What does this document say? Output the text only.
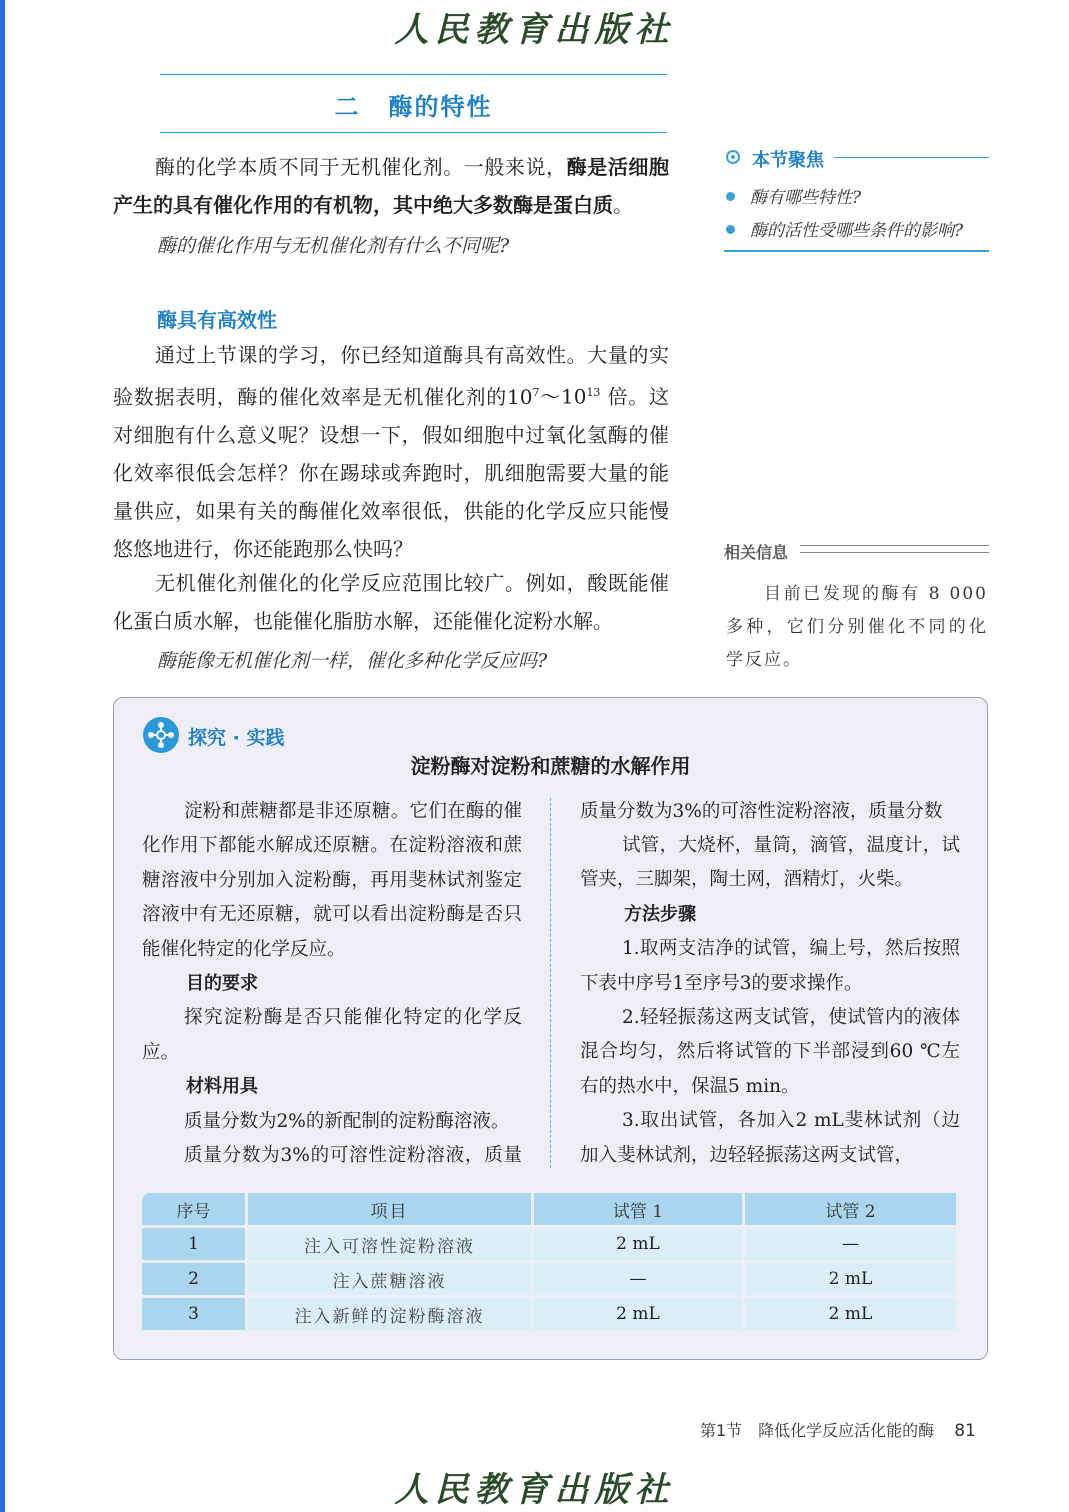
人民教育出版社
二 酶的特性
酶的化学本质不同于无机催化剂。一般来说，酶是活细胞产生的具有催化作用的有机物，其中绝大多数酶是蛋白质。
酶的催化作用与无机催化剂有什么不同呢?
酶具有高效性
通过上节课的学习，你已经知道酶具有高效性。大量的实验数据表明，酶的催化效率是无机催化剂的$10^7\sim 10^{13}$ 倍。这对细胞有什么意义呢？设想一下，假如细胞中过氧化氢酶的催化效率很低会怎样？你在踢球或奔跑时，肌细胞需要大量的能量供应，如果有关的酶催化效率很低，供能的化学反应只能慢悠悠地进行，你还能跑那么快吗？
无机催化剂催化的化学反应范围比较广。例如，酸既能催化蛋白质水解，也能催化脂肪水解，还能催化淀粉水解。
酶能像无机催化剂一样，催化多种化学反应吗?
本节聚焦
酶有哪些特性?
酶的活性受哪些条件的影响?
相关信息
目前已发现的酶有 8 000 多种，它们分别催化不同的化学反应。
探究 · 实践
淀粉酶对淀粉和蔗糖的水解作用
淀粉和蔗糖都是非还原糖。它们在酶的催化作用下都能水解成还原糖。在淀粉溶液和蔗糖溶液中分别加入淀粉酶，再用斐林试剂鉴定溶液中有无还原糖，就可以看出淀粉酶是否只能催化特定的化学反应。
目的要求
探究淀粉酶是否只能催化特定的化学反应。
材料用具
质量分数为2%的新配制的淀粉酶溶液。
质量分数为3%的可溶性淀粉溶液，质量
质量分数为3%的可溶性淀粉溶液，质量分数
试管，大烧杯，量筒，滴管，温度计，试管夹，三脚架，陶土网，酒精灯，火柴。
方法步骤
1.取两支洁净的试管，编上号，然后按照下表中序号1至序号3的要求操作。
2.轻轻振荡这两支试管，使试管内的液体混合均匀，然后将试管的下半部浸到60 ℃左右的热水中，保温5 min。
3.取出试管，各加入2 mL斐林试剂（边加入斐林试剂，边轻轻振荡这两支试管，
序号	项目	试管 1	试管 2
1	注入可溶性淀粉溶液	2 mL	—
2	注入蔗糖溶液	—	2 mL
3	注入新鲜的淀粉酶溶液	2 mL	2 mL
第1节　降低化学反应活化能的酶 81
人民教育出版社
